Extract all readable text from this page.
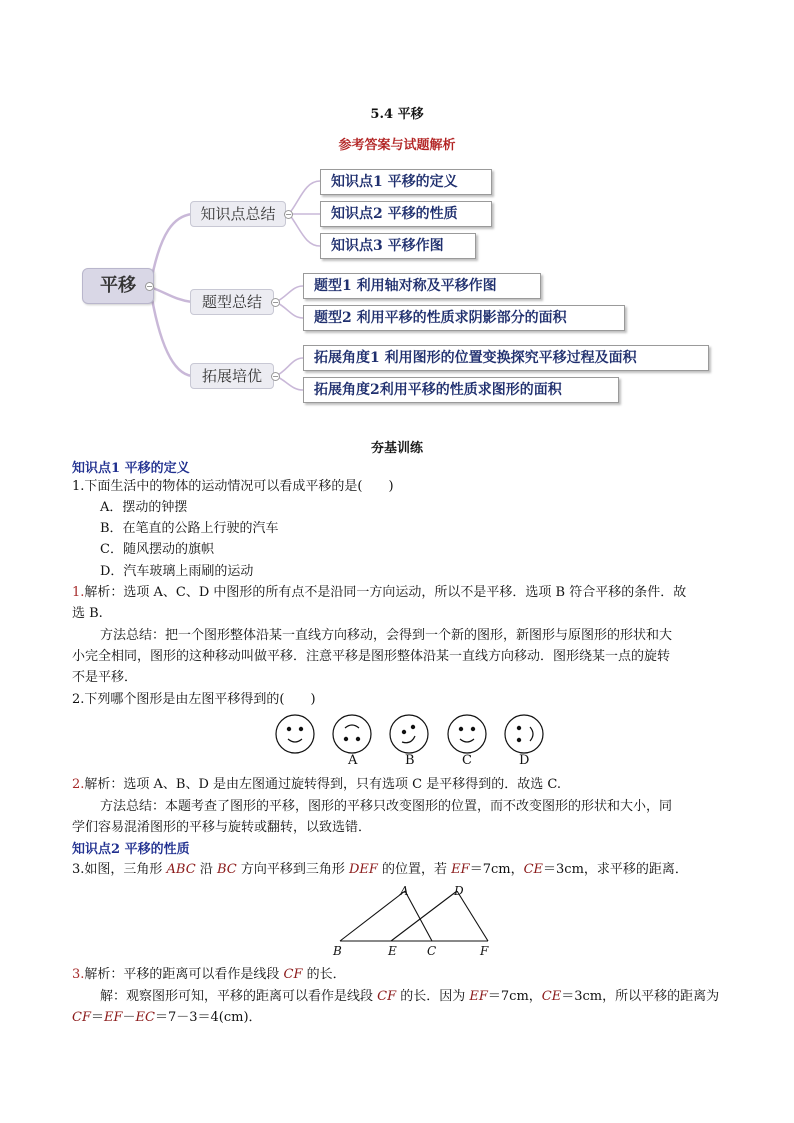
5.4 平移
参考答案与试题解析
平移	−
知识点总结	−
题型总结	−
拓展培优	−
知识点1 平移的定义
知识点2 平移的性质
知识点3 平移作图
题型1 利用轴对称及平移作图
题型2 利用平移的性质求阴影部分的面积
拓展角度1 利用图形的位置变换探究平移过程及面积
拓展角度2利用平移的性质求图形的面积
夯基训练
知识点1 平移的定义
1.下面生活中的物体的运动情况可以看成平移的是(　　)
A．摆动的钟摆
B．在笔直的公路上行驶的汽车
C．随风摆动的旗帜
D．汽车玻璃上雨刷的运动
1.解析：选项 A、C、D 中图形的所有点不是沿同一方向运动，所以不是平移．选项 B 符合平移的条件．故
选 B.
方法总结：把一个图形整体沿某一直线方向移动，会得到一个新的图形，新图形与原图形的形状和大
小完全相同，图形的这种移动叫做平移．注意平移是图形整体沿某一直线方向移动．图形绕某一点的旋转
不是平移．
2.下列哪个图形是由左图平移得到的(　　)
A	B	C	D
2.解析：选项 A、B、D 是由左图通过旋转得到，只有选项 C 是平移得到的．故选 C.
方法总结：本题考查了图形的平移，图形的平移只改变图形的位置，而不改变图形的形状和大小，同
学们容易混淆图形的平移与旋转或翻转，以致选错．
知识点2 平移的性质
3.如图，三角形 ABC 沿 BC 方向平移到三角形 DEF 的位置，若 EF＝7cm，CE＝3cm，求平移的距离．
A	D
B	E	C	F
3.解析：平移的距离可以看作是线段 CF 的长．
解：观察图形可知，平移的距离可以看作是线段 CF 的长．因为 EF＝7cm，CE＝3cm，所以平移的距离为
CF＝EF－EC＝7－3＝4(cm)．
